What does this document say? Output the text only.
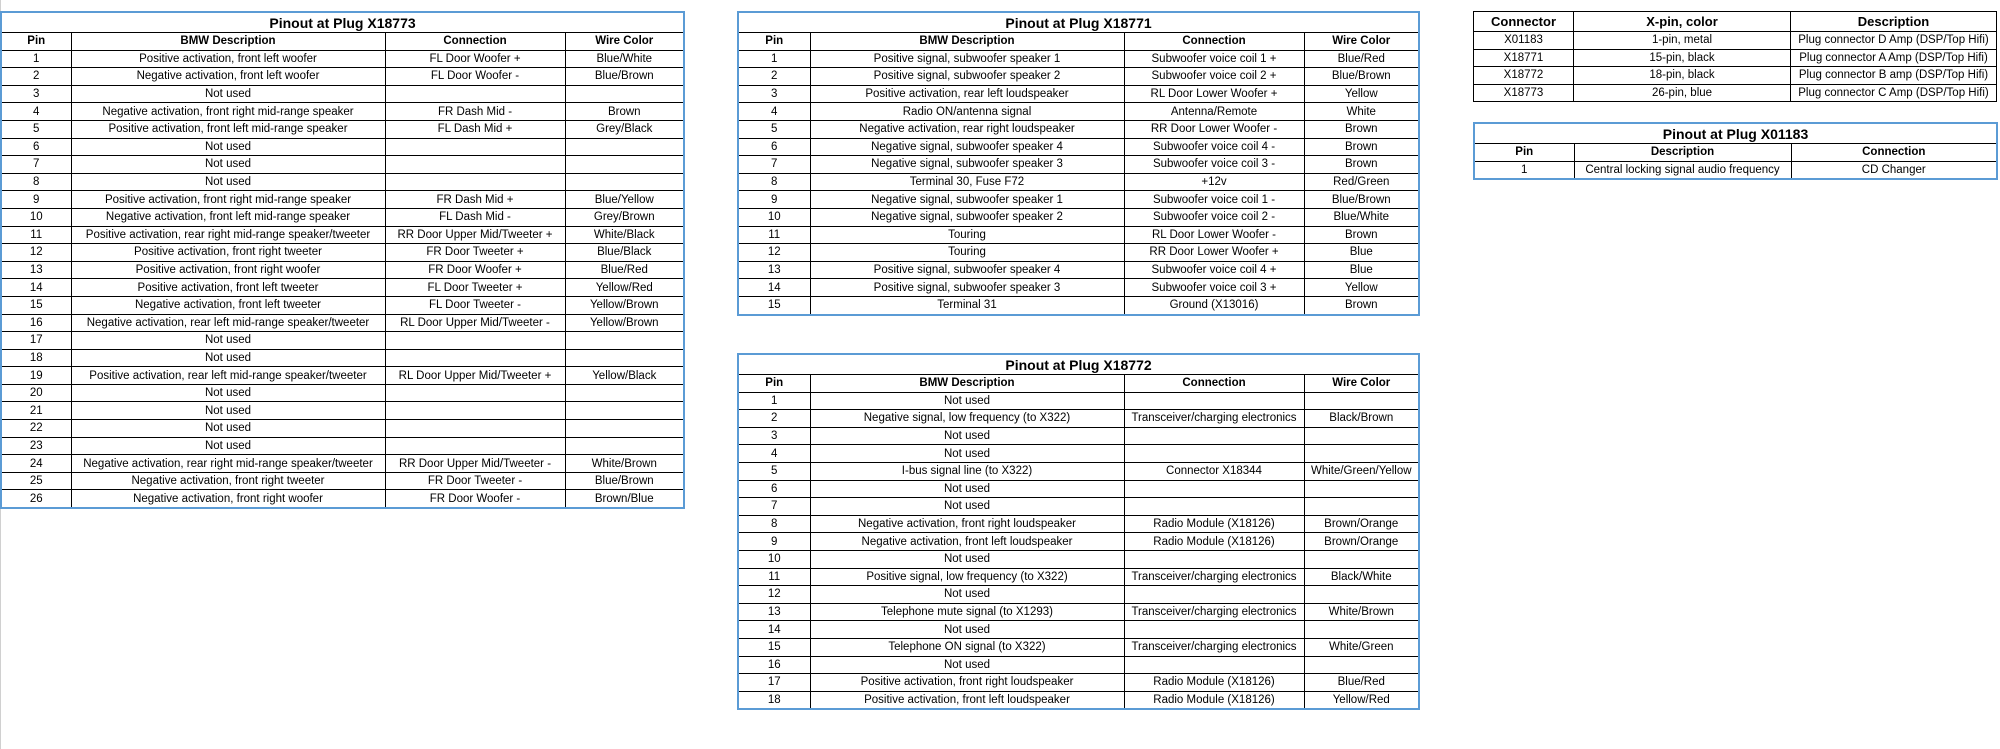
Pinout at Plug X18773			
Pin	BMW Description	Connection	Wire Color
1	Positive activation, front left woofer	FL Door Woofer +	Blue/White
2	Negative activation, front left woofer	FL Door Woofer -	Blue/Brown
3	Not used		
4	Negative activation, front right mid-range speaker	FR Dash Mid -	Brown
5	Positive activation, front left mid-range speaker	FL Dash Mid +	Grey/Black
6	Not used		
7	Not used		
8	Not used		
9	Positive activation, front right mid-range speaker	FR Dash Mid +	Blue/Yellow
10	Negative activation, front left mid-range speaker	FL Dash Mid -	Grey/Brown
11	Positive activation, rear right mid-range speaker/tweeter	RR Door Upper Mid/Tweeter +	White/Black
12	Positive activation, front right tweeter	FR Door Tweeter +	Blue/Black
13	Positive activation, front right woofer	FR Door Woofer +	Blue/Red
14	Positive activation, front left tweeter	FL Door Tweeter +	Yellow/Red
15	Negative activation, front left tweeter	FL Door Tweeter -	Yellow/Brown
16	Negative activation, rear left mid-range speaker/tweeter	RL Door Upper Mid/Tweeter -	Yellow/Brown
17	Not used		
18	Not used		
19	Positive activation, rear left mid-range speaker/tweeter	RL Door Upper Mid/Tweeter +	Yellow/Black
20	Not used		
21	Not used		
22	Not used		
23	Not used		
24	Negative activation, rear right mid-range speaker/tweeter	RR Door Upper Mid/Tweeter -	White/Brown
25	Negative activation, front right tweeter	FR Door Tweeter -	Blue/Brown
26	Negative activation, front right woofer	FR Door Woofer -	Brown/Blue
Pinout at Plug X18771			
Pin	BMW Description	Connection	Wire Color
1	Positive signal, subwoofer speaker 1	Subwoofer voice coil 1 +	Blue/Red
2	Positive signal, subwoofer speaker 2	Subwoofer voice coil 2 +	Blue/Brown
3	Positive activation, rear left loudspeaker	RL Door Lower Woofer +	Yellow
4	Radio ON/antenna signal	Antenna/Remote	White
5	Negative activation, rear right loudspeaker	RR Door Lower Woofer -	Brown
6	Negative signal, subwoofer speaker 4	Subwoofer voice coil 4 -	Brown
7	Negative signal, subwoofer speaker 3	Subwoofer voice coil 3 -	Brown
8	Terminal 30, Fuse F72	+12v	Red/Green
9	Negative signal, subwoofer speaker 1	Subwoofer voice coil 1 -	Blue/Brown
10	Negative signal, subwoofer speaker 2	Subwoofer voice coil 2 -	Blue/White
11	Touring	RL Door Lower Woofer -	Brown
12	Touring	RR Door Lower Woofer +	Blue
13	Positive signal, subwoofer speaker 4	Subwoofer voice coil 4 +	Blue
14	Positive signal, subwoofer speaker 3	Subwoofer voice coil 3 +	Yellow
15	Terminal 31	Ground (X13016)	Brown
Pinout at Plug X18772			
Pin	BMW Description	Connection	Wire Color
1	Not used		
2	Negative signal, low frequency (to X322)	Transceiver/charging electronics	Black/Brown
3	Not used		
4	Not used		
5	I-bus signal line (to X322)	Connector X18344	White/Green/Yellow
6	Not used		
7	Not used		
8	Negative activation, front right loudspeaker	Radio Module (X18126)	Brown/Orange
9	Negative activation, front left loudspeaker	Radio Module (X18126)	Brown/Orange
10	Not used		
11	Positive signal, low frequency (to X322)	Transceiver/charging electronics	Black/White
12	Not used		
13	Telephone mute signal (to X1293)	Transceiver/charging electronics	White/Brown
14	Not used		
15	Telephone ON signal (to X322)	Transceiver/charging electronics	White/Green
16	Not used		
17	Positive activation, front right loudspeaker	Radio Module (X18126)	Blue/Red
18	Positive activation, front left loudspeaker	Radio Module (X18126)	Yellow/Red
Connector	X-pin, color	Description
X01183	1-pin, metal	Plug connector D Amp (DSP/Top Hifi)
X18771	15-pin, black	Plug connector A Amp (DSP/Top Hifi)
X18772	18-pin, black	Plug connector B amp (DSP/Top Hifi)
X18773	26-pin, blue	Plug connector C Amp (DSP/Top Hifi)
Pinout at Plug X01183		
Pin	Description	Connection
1	Central locking signal audio frequency	CD Changer
